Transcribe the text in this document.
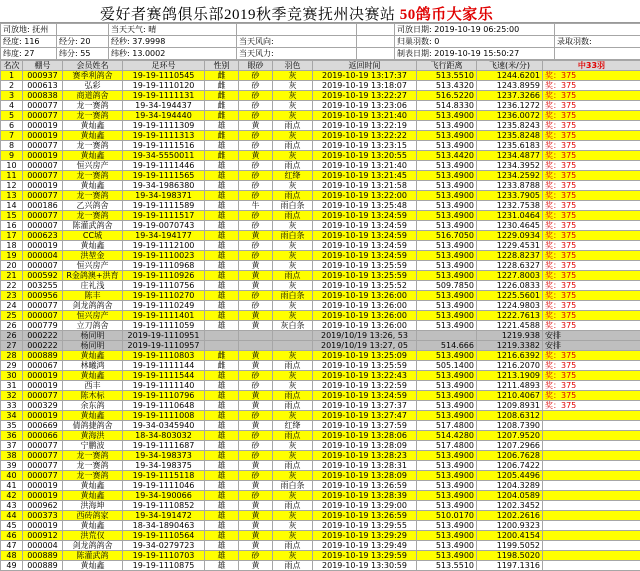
爱好者赛鸽俱乐部2019秋季竞赛抚州决赛站 50鸽币大家乐
司放地: 抚州		当天天气: 晴			司放日期: 2019-10-19 06:25:00	
经度: 116	经分: 20	经秒: 37.9998	当天风向:		归巢羽数: 0	录取羽数:
纬度: 27	纬分: 55	纬秒: 13.0002	当天风力:		制表日期: 2019-10-19 15:50:27	
名次	棚号	会员姓名	足环号	性别	眼砂	羽色	返回时间	飞行距离	飞速(米/分)	中33羽
1	000937	赛季利鸽舍	19-19-1110545	雌	砂	灰	2019-10-19 13:17:37	513.5510	1244.6201	奖：375
2	000613	弘彩	19-19-1110120	雌	砂	灰	2019-10-19 13:18:07	513.4320	1243.8959	奖：375
3	000838	商道鸽舍	19-19-1111131	雌	砂	灰	2019-10-19 13:22:27	516.5220	1237.3266	奖：375
4	000077	龙一赛鸽	19-34-194437	雌	砂	灰	2019-10-19 13:23:06	514.8330	1236.1272	奖：375
5	000077	龙一赛鸽	19-34-194440	雌	砂	灰	2019-10-19 13:21:40	513.4900	1236.0072	奖：375
6	000019	黄灿鑫	19-19-1111309	雄	黄	雨点	2019-10-19 13:22:19	513.4900	1235.8243	奖：375
7	000019	黄灿鑫	19-19-1111313	雌	砂	灰	2019-10-19 13:22:22	513.4900	1235.8248	奖：375
8	000077	龙一赛鸽	19-19-1111516	雄	砂	雨点	2019-10-19 13:23:15	513.4900	1235.6183	奖：375
9	000019	黄灿鑫	19-34-5550011	雌	黄	灰	2019-10-19 13:20:55	513.4420	1234.4877	奖：375
10	000007	恒兴房产	19-19-1111446	雄	砂	雨点	2019-10-19 13:21:40	513.4900	1234.3952	奖：375
11	000077	龙一赛鸽	19-19-1111565	雄	砂	红绛	2019-10-19 13:21:45	513.4900	1234.2592	奖：375
12	000019	黄灿鑫	19-34-1986380	雄	砂	灰	2019-10-19 13:21:58	513.4900	1233.8788	奖：375
13	000077	龙一赛鸽	19-34-198371	雄	砂	雨点	2019-10-19 13:22:00	513.4900	1233.7905	奖：375
14	000186	乙兴鸽舍	19-19-1111589	雄	牛	雨白条	2019-10-19 13:25:48	513.4900	1232.7538	奖：375
15	000077	龙一赛鸽	19-19-1111517	雄	砂	雨点	2019-10-19 13:24:59	513.4900	1231.0464	奖：375
16	000007	陈灌武鸽舍	19-19-0070743	雄	砂	灰	2019-10-19 13:24:59	513.4900	1230.4645	奖：375
17	000623	CC城	19-34-194177	雄	黄	雨白条	2019-10-19 13:24:59	516.7050	1229.0934	奖：375
18	000019	黄灿鑫	19-19-1112100	雄	砂	灰	2019-10-19 13:24:59	513.4900	1229.4531	奖：375
19	000004	洪堃金	19-19-1110023	雄	砂	灰	2019-10-19 13:24:59	513.4900	1228.8237	奖：375
20	000007	恒兴房产	19-19-1110968	雄	黄	灰	2019-10-19 13:25:59	513.4900	1228.6327	奖：375
21	000592	R金鸽澳+洪育	19-19-1110926	雄	黄	雨点	2019-10-19 13:25:59	513.4900	1227.8003	奖：375
22	003255	庄礼浅	19-19-1110756	雄	黄	灰	2019-10-19 13:25:52	509.7850	1226.0833	奖：375
23	000956	陈丰	19-19-1110270	雄	砂	雨白条	2019-10-19 13:26:00	513.4900	1225.5601	奖：375
24	000077	剑龙鸽鸽舍	19-19-1110249	雄	砂	灰	2019-10-19 13:26:00	513.4900	1224.9803	奖：375
25	000007	恒兴房产	19-19-1111401	雄	黄	灰	2019-10-19 13:26:00	513.4900	1222.7613	奖：375
26	000779	立刀鸽舍	19-19-1111059	雄	黄	灰白条	2019-10-19 13:26:00	513.4900	1221.4588	奖：375
26	000222	杨同明	2019-19-1110951				2019/10/19 13:26, 53		1219.938	安排
27	000222	杨同明	2019-19-1110957				2019/10/19 13:27, 05	514.666	1219.3382	安排
28	000889	黄灿鑫	19-19-1110803	雌	黄	灰	2019-10-19 13:25:09	513.4900	1216.6392	奖：375
29	000067	林曦鸿	19-19-1111144	雌	黄	雨点	2019-10-19 13:25:59	505.1400	1216.2070	奖：375
30	000019	黄灿鑫	19-19-1111544	雄	砂	灰	2019-10-19 13:22:43	513.4900	1213.1909	奖：375
31	000019	西丰	19-19-1111140	雄	砂	灰	2019-10-19 13:22:59	513.4900	1211.4893	奖：375
32	000077	陈木标	19-19-1110796	雄	黄	雨点	2019-10-19 13:24:59	513.4900	1210.4067	奖：375
33	000329	余东鸽	19-19-1110648	雄	黄	雨点	2019-10-19 13:27:37	513.4900	1209.8931	奖：375
34	000019	黄灿鑫	19-19-1111008	雄	砂	灰	2019-10-19 13:27:47	513.4900	1208.6312	
35	000669	倩鸽捷鸽舍	19-34-0345940	雄	黄	红绛	2019-10-19 13:27:59	517.4800	1208.7390	
36	000066	黄海洪	18-34-803032	雄	砂	雨点	2019-10-19 13:28:06	514.4280	1207.9520	
37	000077	宁鹏波	19-19-1111687	雄	砂	灰	2019-10-19 13:28:09	517.4800	1207.2966	
38	000077	龙一赛鸽	19-34-198373	雄	砂	灰	2019-10-19 13:28:23	513.4900	1206.7628	
39	000077	龙一赛鸽	19-34-198375	雄	黄	雨点	2019-10-19 13:28:31	513.4900	1206.7422	
40	000077	龙一赛鸽	19-19-1115118	雄	砂	灰	2019-10-19 13:28:09	513.4900	1205.4496	
41	000019	黄灿鑫	19-19-1111046	雄	黄	雨白条	2019-10-19 13:26:59	513.4900	1204.3289	
42	000019	黄灿鑫	19-34-190066	雄	砂	灰	2019-10-19 13:28:39	513.4900	1204.0589	
43	000962	洪海坤	19-19-1110852	雄	黄	雨点	2019-10-19 13:29:00	513.4900	1202.3452	
44	000373	西砖鸽家	19-34-191472	雄	黄	灰	2019-10-19 13:26:59	510.0170	1202.2616	
45	000019	黄灿鑫	18-34-1890463	雄	黄	灰	2019-10-19 13:29:55	513.4900	1200.9323	
46	000912	洪荒仅	19-19-1110564	雄	黄	灰	2019-10-19 13:29:29	513.4900	1200.4154	
47	000004	剑龙鸽鸽舍	19-34-0279723	雄	黄	雨点	2019-10-19 13:29:49	513.4900	1199.5052	
48	000889	陈灌武鸽	19-19-1110703	雄	砂	灰	2019-10-19 13:29:59	513.4900	1198.5020	
49	000889	黄灿鑫	19-19-1110875	雄	黄	雨点	2019-10-19 13:30:59	513.5510	1197.1316	
